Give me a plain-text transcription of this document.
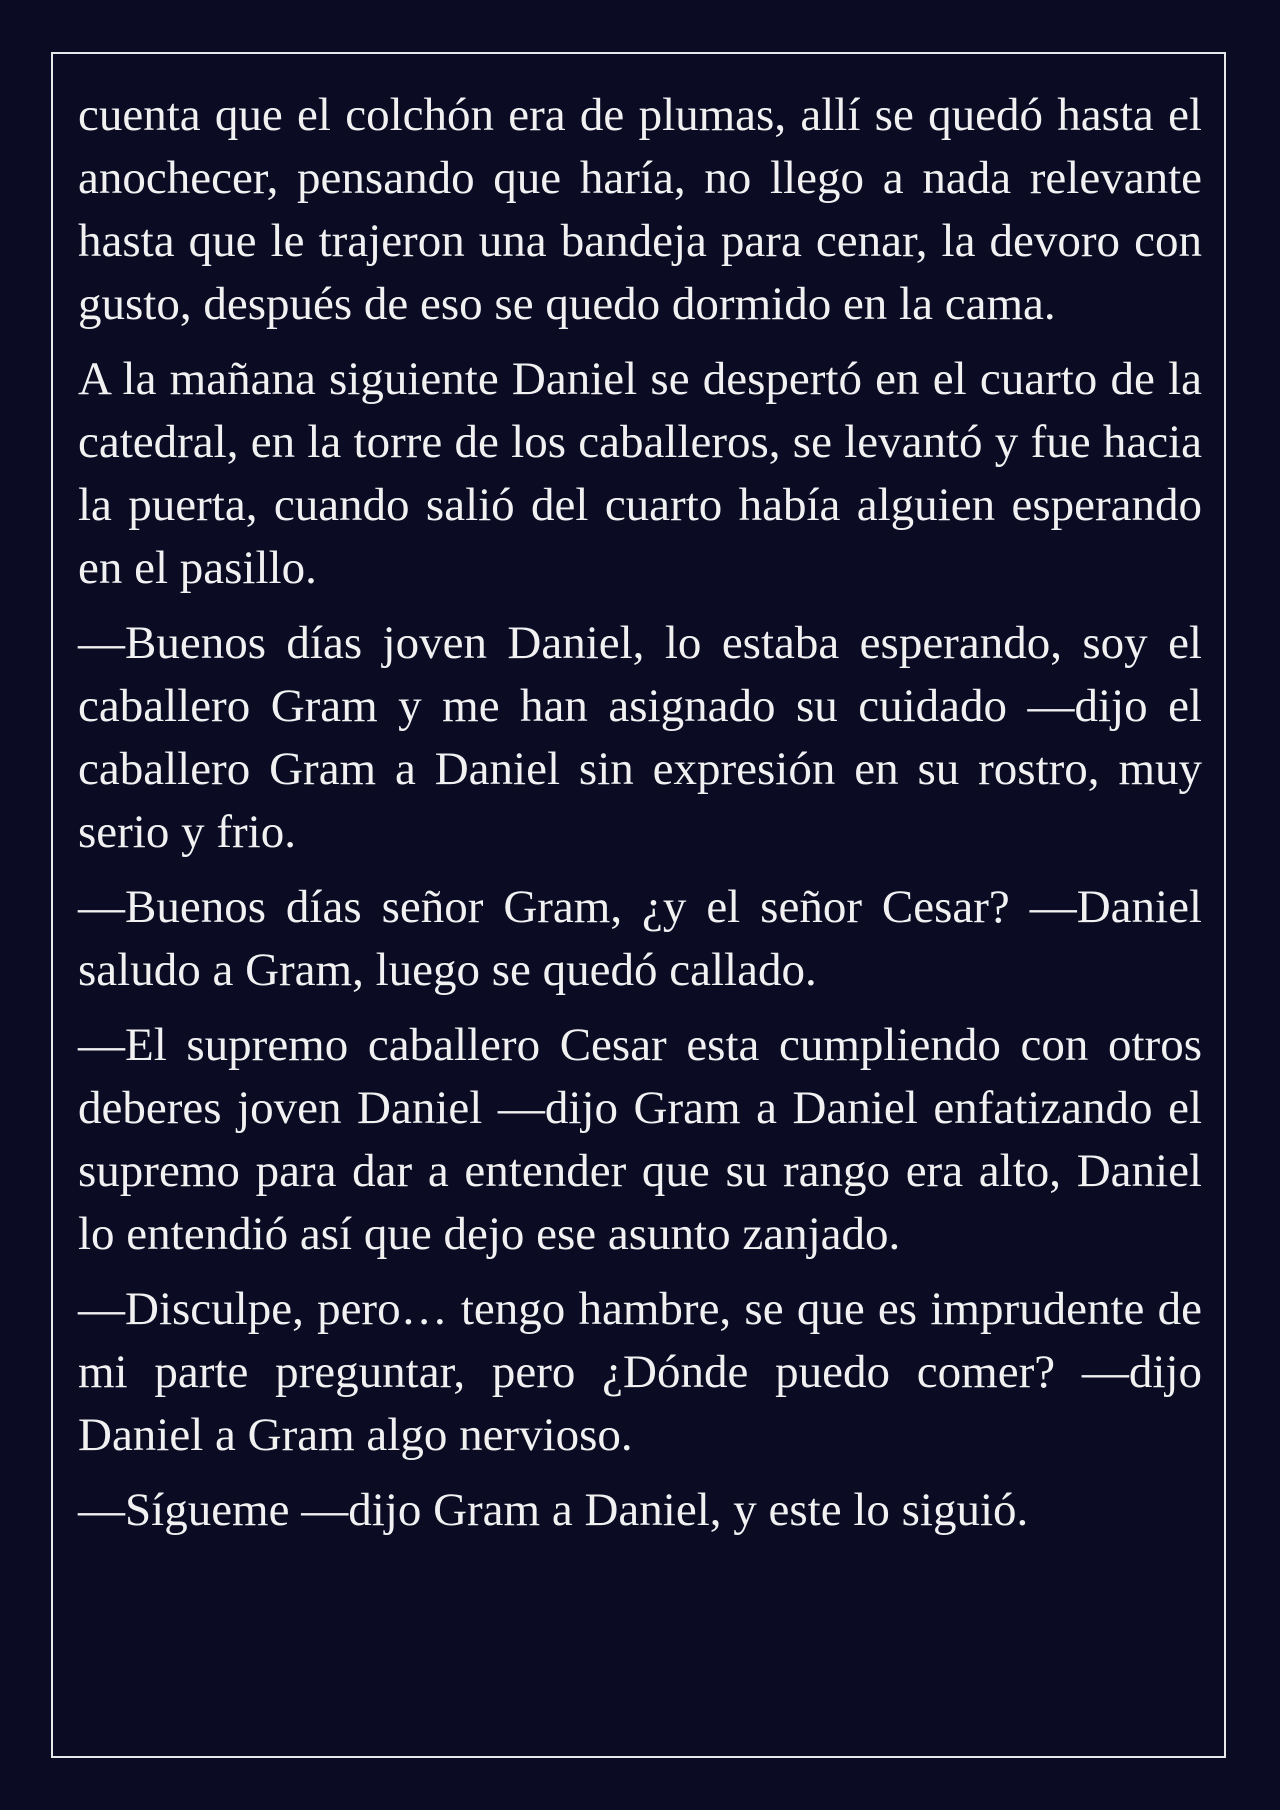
cuenta que el colchón era de plumas, allí se quedó hasta el anochecer, pensando que haría, no llego a nada relevante hasta que le trajeron una bandeja para cenar, la devoro con gusto, después de eso se quedo dormido en la cama.

A la mañana siguiente Daniel se despertó en el cuarto de la catedral, en la torre de los caballeros, se levantó y fue hacia la puerta, cuando salió del cuarto había alguien esperando en el pasillo.

—Buenos días joven Daniel, lo estaba esperando, soy el caballero Gram y me han asignado su cuidado —dijo el caballero Gram a Daniel sin expresión en su rostro, muy serio y frio.

—Buenos días señor Gram, ¿y el señor Cesar? —Daniel saludo a Gram, luego se quedó callado.

—El supremo caballero Cesar esta cumpliendo con otros deberes joven Daniel —dijo Gram a Daniel enfatizando el supremo para dar a entender que su rango era alto, Daniel lo entendió así que dejo ese asunto zanjado.

—Disculpe, pero… tengo hambre, se que es imprudente de mi parte preguntar, pero ¿Dónde puedo comer? —dijo Daniel a Gram algo nervioso.

—Sígueme —dijo Gram a Daniel, y este lo siguió.
